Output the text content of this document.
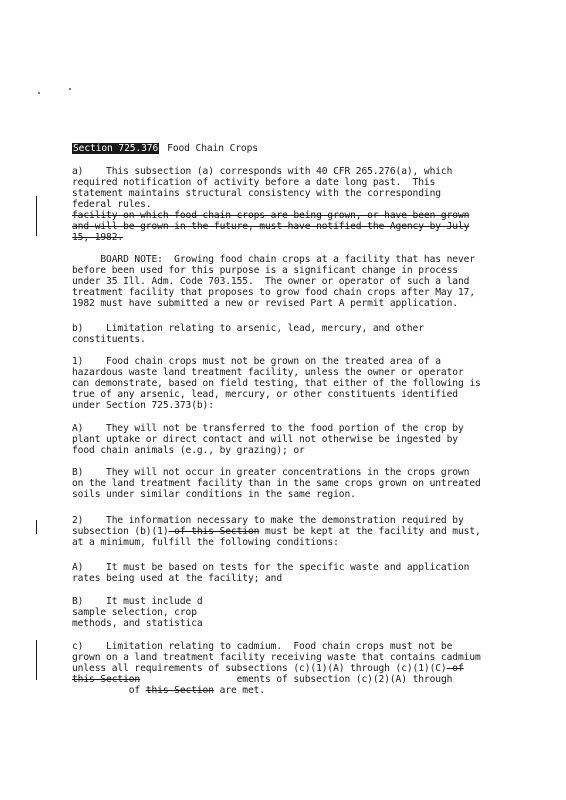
Section 725.376 Food Chain Crops
a)    This subsection (a) corresponds with 40 CFR 265.276(a), which
required notification of activity before a date long past.  This
statement maintains structural consistency with the corresponding
federal rules.
facility on which food chain crops are being grown, or have been grown
and will be grown in the future, must have notified the Agency by July
15, 1982.
BOARD NOTE:  Growing food chain crops at a facility that has never
before been used for this purpose is a significant change in process
under 35 Ill. Adm. Code 703.155.  The owner or operator of such a land
treatment facility that proposes to grow food chain crops after May 17,
1982 must have submitted a new or revised Part A permit application.
b)    Limitation relating to arsenic, lead, mercury, and other
constituents.
1)    Food chain crops must not be grown on the treated area of a
hazardous waste land treatment facility, unless the owner or operator
can demonstrate, based on field testing, that either of the following is
true of any arsenic, lead, mercury, or other constituents identified
under Section 725.373(b):
A)    They will not be transferred to the food portion of the crop by
plant uptake or direct contact and will not otherwise be ingested by
food chain animals (e.g., by grazing); or
B)    They will not occur in greater concentrations in the crops grown
on the land treatment facility than in the same crops grown on untreated
soils under similar conditions in the same region.
2)    The information necessary to make the demonstration required by
subsection (b)(1) of this Section must be kept at the facility and must,
at a minimum, fulfill the following conditions:
A)    It must be based on tests for the specific waste and application
rates being used at the facility; and
B)    It must include d
sample selection, crop
methods, and statistica
c)    Limitation relating to cadmium.  Food chain crops must not be
grown on a land treatment facility receiving waste that contains cadmium
unless all requirements of subsections (c)(1)(A) through (c)(1)(C) of
this Section	ements of subsection (c)(2)(A) through
of this Section are met.
